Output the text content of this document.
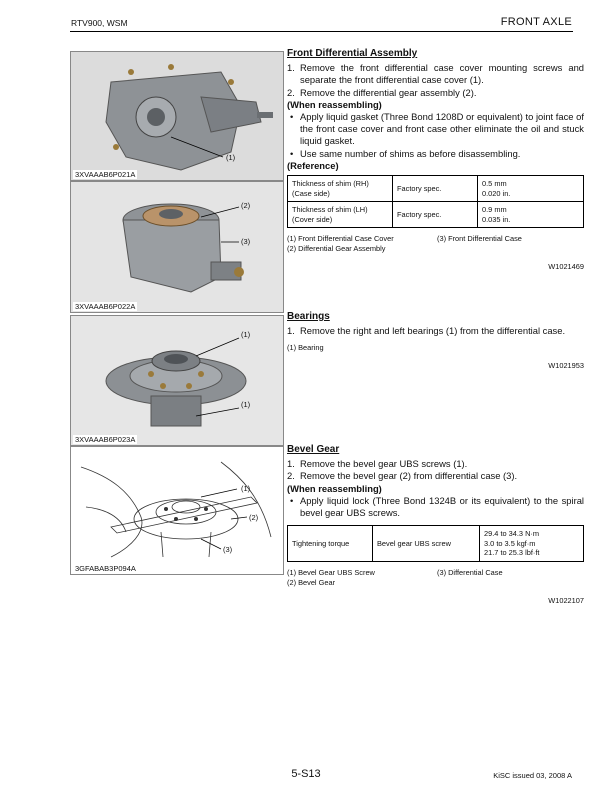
RTV900, WSM	FRONT AXLE
(1)
3XVAAAB6P021A
(2)
(3)
3XVAAAB6P022A
(1)
(1)
3XVAAAB6P023A
(1)
(2)
(3)
3GFABAB3P094A
Front Differential Assembly
1. Remove the front differential case cover mounting screws and separate the front differential case cover (1).
2. Remove the differential gear assembly (2).
(When reassembling)
• Apply liquid gasket (Three Bond 1208D or equivalent) to joint face of the front case cover and front case other eliminate the oil and stuck liquid gasket.
• Use same number of shims as before disassembling.
(Reference)
Thickness of shim (RH)
(Case side)	Factory spec.	0.5 mm
0.020 in.
Thickness of shim (LH)
(Cover side)	Factory spec.	0.9 mm
0.035 in.
(1) Front Differential Case Cover	(3) Front Differential Case
(2) Differential Gear Assembly
W1021469
Bearings
1. Remove the right and left bearings (1) from the differential case.
(1) Bearing
W1021953
Bevel Gear
1. Remove the bevel gear UBS screws (1).
2. Remove the bevel gear (2) from differential case (3).
(When reassembling)
• Apply liquid lock (Three Bond 1324B or its equivalent) to the spiral bevel gear UBS screws.
Tightening torque	Bevel gear UBS screw	29.4 to 34.3 N·m
3.0 to 3.5 kgf·m
21.7 to 25.3 lbf·ft
(1) Bevel Gear UBS Screw	(3) Differential Case
(2) Bevel Gear
W1022107
5-S13	KiSC issued 03, 2008 A
